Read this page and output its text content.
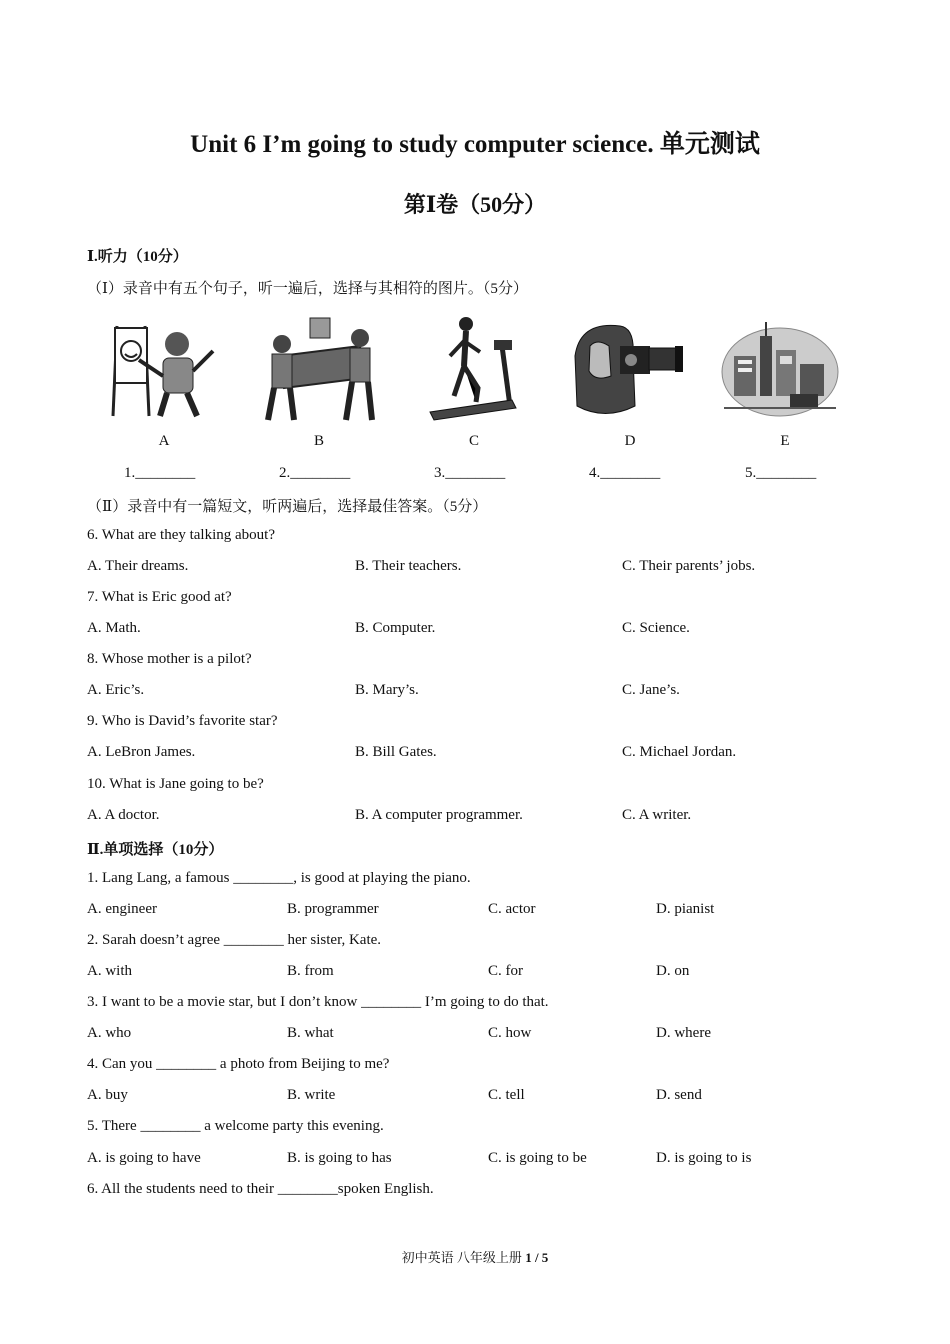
Unit 6 I’m going to study computer science. 单元测试
第Ⅰ卷（50分）
Ⅰ.听力（10分）
（Ⅰ）录音中有五个句子，听一遍后，选择与其相符的图片。（5分）
A	B	C	D	E
1.________	2.________	3.________	4.________	5.________
（Ⅱ）录音中有一篇短文，听两遍后，选择最佳答案。（5分）
6. What are they talking about?
A. Their dreams.	B. Their teachers.	C. Their parents’ jobs.
7. What is Eric good at?
A. Math.	B. Computer.	C. Science.
8. Whose mother is a pilot?
A. Eric’s.	B. Mary’s.	C. Jane’s.
9. Who is David’s favorite star?
A. LeBron James.	B. Bill Gates.	C. Michael Jordan.
10. What is Jane going to be?
A. A doctor.	B. A computer programmer.	C. A writer.
Ⅱ.单项选择（10分）
1. Lang Lang, a famous ________, is good at playing the piano.
A. engineer	B. programmer	C. actor	D. pianist
2. Sarah doesn’t agree ________ her sister, Kate.
A. with	B. from	C. for	D. on
3. I want to be a movie star, but I don’t know ________ I’m going to do that.
A. who	B. what	C. how	D. where
4. Can you ________ a photo from Beijing to me?
A. buy	B. write	C. tell	D. send
5. There ________ a welcome party this evening.
A. is going to have	B. is going to has	C. is going to be	D. is going to is
6. All the students need to their ________spoken English.
初中英语 八年级上册 1 / 5
